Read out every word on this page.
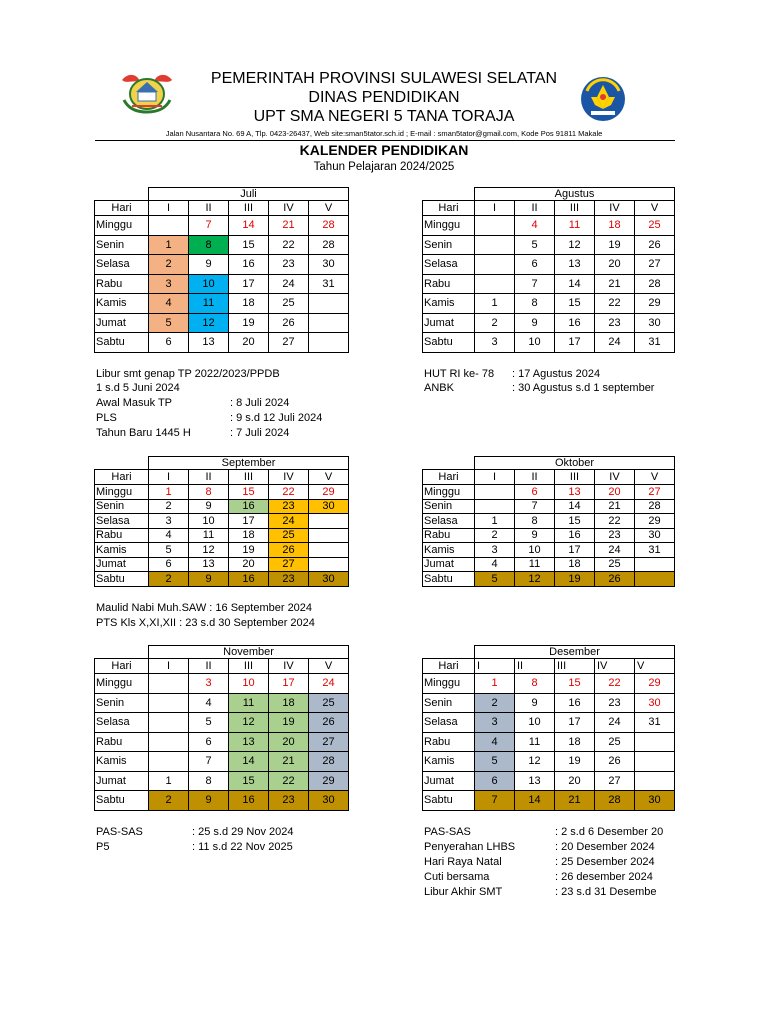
PEMERINTAH PROVINSI SULAWESI SELATAN
DINAS PENDIDIKAN
UPT SMA NEGERI 5 TANA TORAJA
Jalan Nusantara No. 69 A, Tlp. 0423-26437, Web site:sman5tator.sch.id ; E-mail : sman5tator@gmail.com, Kode Pos 91811 Makale
KALENDER PENDIDIKAN
Tahun Pelajaran 2024/2025
	Juli				
Hari	I	II	III	IV	V
Minggu		7	14	21	28
Senin	1	8	15	22	28
Selasa	2	9	16	23	30
Rabu	3	10	17	24	31
Kamis	4	11	18	25	
Jumat	5	12	19	26	
Sabtu	6	13	20	27	
	Agustus				
Hari	I	II	III	IV	V
Minggu		4	11	18	25
Senin		5	12	19	26
Selasa		6	13	20	27
Rabu		7	14	21	28
Kamis	1	8	15	22	29
Jumat	2	9	16	23	30
Sabtu	3	10	17	24	31
Libur smt genap TP 2022/2023/PPDB
1 s.d 5 Juni 2024
Awal Masuk TP	: 8 Juli 2024
PLS	: 9 s.d 12 Juli 2024
Tahun Baru 1445 H	: 7 Juli 2024
HUT RI ke- 78 : 17 Agustus 2024
ANBK	: 30 Agustus s.d 1 september
	September				
Hari	I	II	III	IV	V
Minggu	1	8	15	22	29
Senin	2	9	16	23	30
Selasa	3	10	17	24	
Rabu	4	11	18	25	
Kamis	5	12	19	26	
Jumat	6	13	20	27	
Sabtu	2	9	16	23	30
	Oktober				
Hari	I	II	III	IV	V
Minggu		6	13	20	27
Senin		7	14	21	28
Selasa	1	8	15	22	29
Rabu	2	9	16	23	30
Kamis	3	10	17	24	31
Jumat	4	11	18	25	
Sabtu	5	12	19	26	
Maulid Nabi Muh.SAW : 16 September 2024
PTS Kls X,XI,XII : 23 s.d 30 September 2024
	November				
Hari	I	II	III	IV	V
Minggu		3	10	17	24
Senin		4	11	18	25
Selasa		5	12	19	26
Rabu		6	13	20	27
Kamis		7	14	21	28
Jumat	1	8	15	22	29
Sabtu	2	9	16	23	30
	Desember				
Hari	I	II	III	IV	V
Minggu	1	8	15	22	29
Senin	2	9	16	23	30
Selasa	3	10	17	24	31
Rabu	4	11	18	25	
Kamis	5	12	19	26	
Jumat	6	13	20	27	
Sabtu	7	14	21	28	30
PAS-SAS	: 25 s.d 29 Nov 2024
P5	: 11 s.d 22 Nov 2025
PAS-SAS	: 2 s.d 6 Desember 20
Penyerahan LHBS	: 20 Desember 2024
Hari Raya Natal	: 25 Desember 2024
Cuti bersama	: 26 desember 2024
Libur Akhir SMT	: 23 s.d 31 Desembe
